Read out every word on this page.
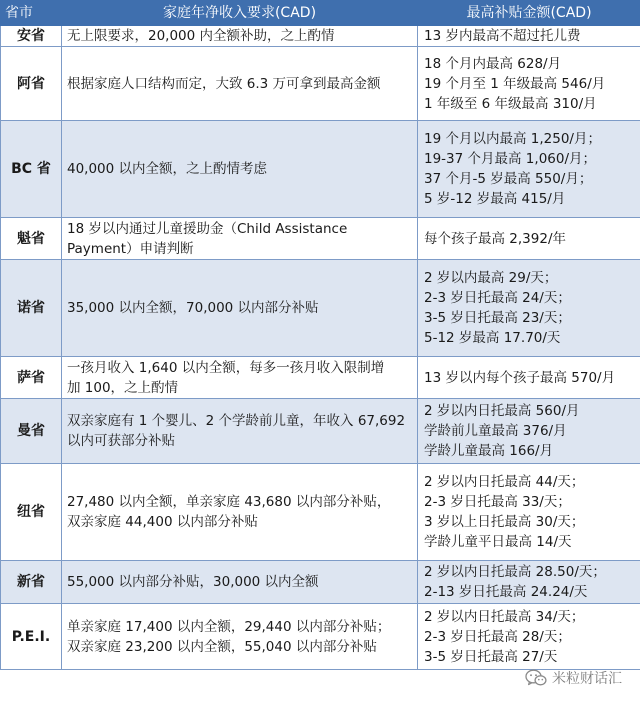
省市	家庭年净收入要求(CAD)	最高补贴金额(CAD)
安省	无上限要求，20,000 内全额补助，之上酌情	13 岁内最高不超过托儿费

阿省	根据家庭人口结构而定，大致 6.3 万可拿到最高金额	18 个月内最高 628/月
19 个月至 1 年级最高 546/月
1 年级至 6 年级最高 310/月

BC 省	40,000 以内全额，之上酌情考虑	19 个月以内最高 1,250/月；
19-37 个月最高 1,060/月；
37 个月-5 岁最高 550/月；
5 岁-12 岁最高 415/月

魁省	18 岁以内通过儿童援助金（Child Assistance
Payment）申请判断	每个孩子最高 2,392/年

诺省	35,000 以内全额，70,000 以内部分补贴	2 岁以内最高 29/天；
2-3 岁日托最高 24/天；
3-5 岁日托最高 23/天；
5-12 岁最高 17.70/天

萨省	一孩月收入 1,640 以内全额，每多一孩月收入限制增
加 100，之上酌情	13 岁以内每个孩子最高 570/月

曼省	双亲家庭有 1 个婴儿、2 个学龄前儿童，年收入 67,692
以内可获部分补贴	2 岁以内日托最高 560/月
学龄前儿童最高 376/月
学龄儿童最高 166/月

纽省	27,480 以内全额，单亲家庭 43,680 以内部分补贴，
双亲家庭 44,400 以内部分补贴	2 岁以内日托最高 44/天；
2-3 岁日托最高 33/天；
3 岁以上日托最高 30/天；
学龄儿童平日最高 14/天

新省	55,000 以内部分补贴，30,000 以内全额	2 岁以内日托最高 28.50/天；
2-13 岁日托最高 24.24/天

P.E.I.	单亲家庭 17,400 以内全额，29,440 以内部分补贴；
双亲家庭 23,200 以内全额，55,040 以内部分补贴	2 岁以内日托最高 34/天；
2-3 岁日托最高 28/天；
3-5 岁日托最高 27/天
米粒财话汇
